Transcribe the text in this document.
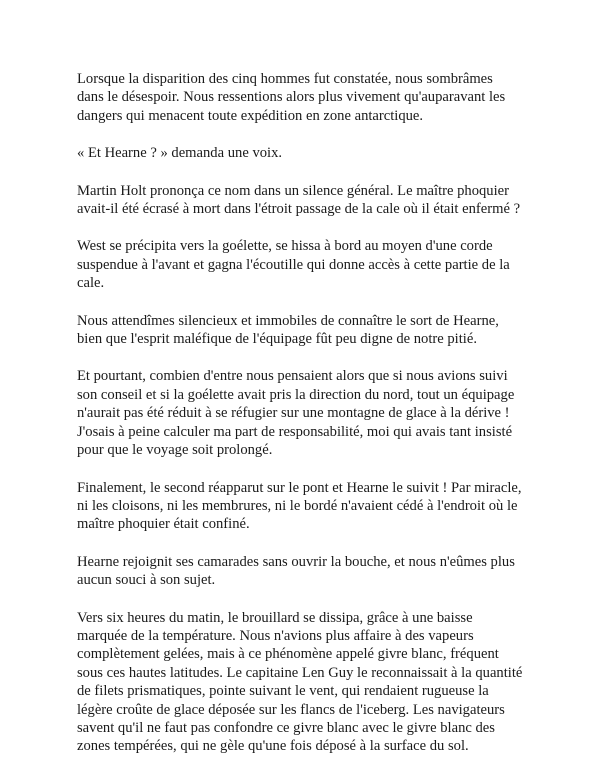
Lorsque la disparition des cinq hommes fut constatée, nous sombrâmes
dans le désespoir. Nous ressentions alors plus vivement qu'auparavant les
dangers qui menacent toute expédition en zone antarctique.

« Et Hearne ? » demanda une voix.

Martin Holt prononça ce nom dans un silence général. Le maître phoquier
avait-il été écrasé à mort dans l'étroit passage de la cale où il était enfermé ?

West se précipita vers la goélette, se hissa à bord au moyen d'une corde
suspendue à l'avant et gagna l'écoutille qui donne accès à cette partie de la
cale.

Nous attendîmes silencieux et immobiles de connaître le sort de Hearne,
bien que l'esprit maléfique de l'équipage fût peu digne de notre pitié.

Et pourtant, combien d'entre nous pensaient alors que si nous avions suivi
son conseil et si la goélette avait pris la direction du nord, tout un équipage
n'aurait pas été réduit à se réfugier sur une montagne de glace à la dérive !
J'osais à peine calculer ma part de responsabilité, moi qui avais tant insisté
pour que le voyage soit prolongé.

Finalement, le second réapparut sur le pont et Hearne le suivit ! Par miracle,
ni les cloisons, ni les membrures, ni le bordé n'avaient cédé à l'endroit où le
maître phoquier était confiné.

Hearne rejoignit ses camarades sans ouvrir la bouche, et nous n'eûmes plus
aucun souci à son sujet.

Vers six heures du matin, le brouillard se dissipa, grâce à une baisse
marquée de la température. Nous n'avions plus affaire à des vapeurs
complètement gelées, mais à ce phénomène appelé givre blanc, fréquent
sous ces hautes latitudes. Le capitaine Len Guy le reconnaissait à la quantité
de filets prismatiques, pointe suivant le vent, qui rendaient rugueuse la
légère croûte de glace déposée sur les flancs de l'iceberg. Les navigateurs
savent qu'il ne faut pas confondre ce givre blanc avec le givre blanc des
zones tempérées, qui ne gèle qu'une fois déposé à la surface du sol.
